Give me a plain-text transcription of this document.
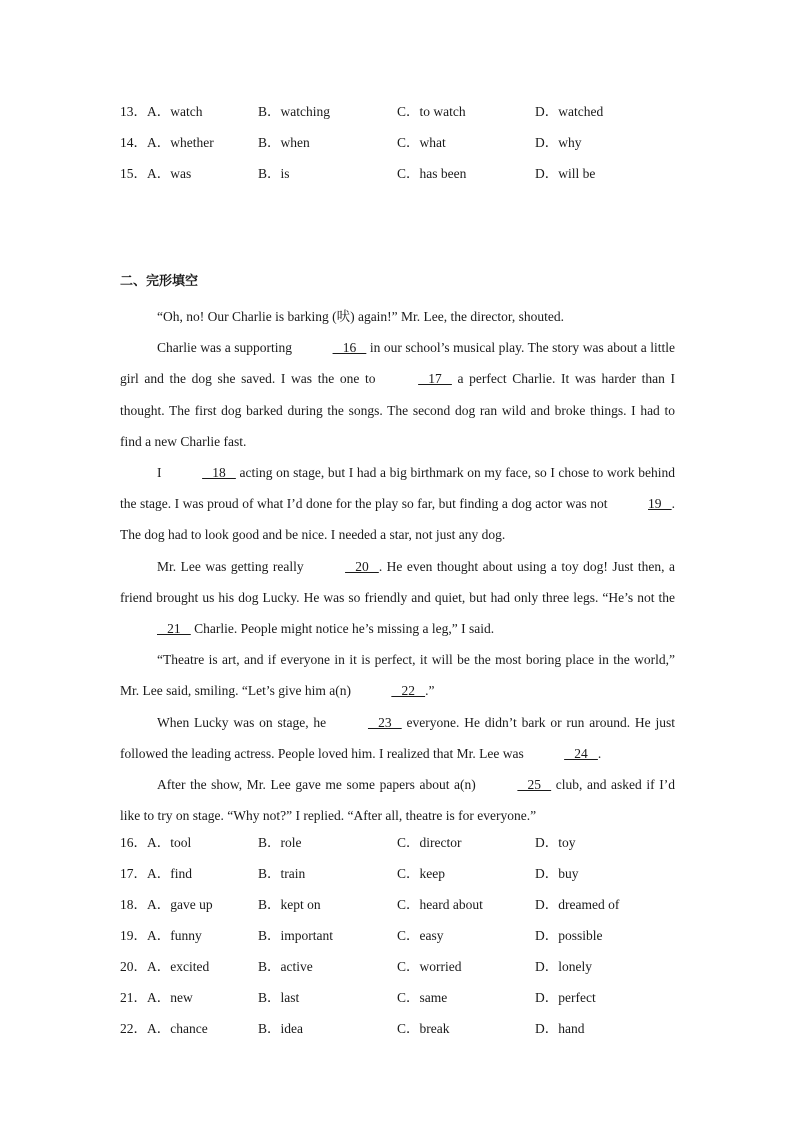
13．A．watch	B．watching	C．to watch	D．watched
14．A．whether	B．when	C．what	D．why
15．A．was	B．is	C．has been	D．will be
二、完形填空

“Oh, no! Our Charlie is barking (吠) again!” Mr. Lee, the director, shouted.

Charlie was a supporting	16    in our school’s musical play. The story was about a little girl and the dog she saved. I was the one to	17    a perfect Charlie. It was harder than I thought. The first dog barked during the songs. The second dog ran wild and broke things. I had to find a new Charlie fast.

I	18    acting on stage, but I had a big birthmark on my face, so I chose to work behind the stage. I was proud of what I’d done for the play so far, but finding a dog actor was not	19   . The dog had to look good and be nice. I needed a star, not just any dog.

Mr. Lee was getting really	20   . He even thought about using a toy dog! Just then, a friend brought us his dog Lucky. He was so friendly and quiet, but had only three legs. “He’s not the    21    Charlie. People might notice he’s missing a leg,” I said.

“Theatre is art, and if everyone in it is perfect, it will be the most boring place in the world,” Mr. Lee said, smiling. “Let’s give him a(n)	22   .”

When Lucky was on stage, he	23    everyone. He didn’t bark or run around. He just followed the leading actress. People loved him. I realized that Mr. Lee was	24   .

After the show, Mr. Lee gave me some papers about a(n)	25    club, and asked if I’d like to try on stage. “Why not?” I replied. “After all, theatre is for everyone.”

16．A．tool	B．role	C．director	D．toy
17．A．find	B．train	C．keep	D．buy
18．A．gave up	B．kept on	C．heard about	D．dreamed of
19．A．funny	B．important	C．easy	D．possible
20．A．excited	B．active	C．worried	D．lonely
21．A．new	B．last	C．same	D．perfect
22．A．chance	B．idea	C．break	D．hand
